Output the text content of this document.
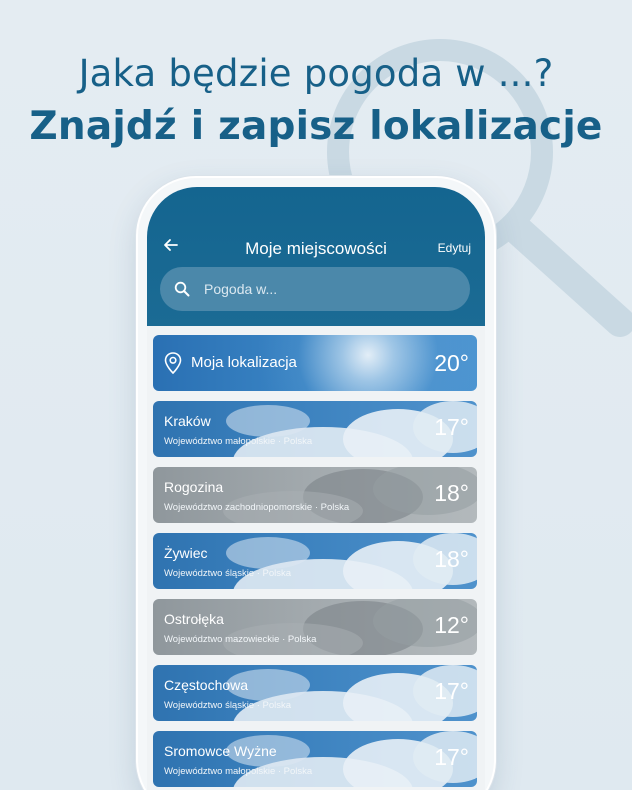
Jaka będzie pogoda w ...?
Znajdź i zapisz lokalizacje
Moje miejscowości	Edytuj
Pogoda w...
Moja lokalizacja	20°
Kraków
Województwo małopolskie · Polska
17°
Rogozina
Województwo zachodniopomorskie · Polska
18°
Żywiec
Województwo śląskie · Polska
18°
Ostrołęka
Województwo mazowieckie · Polska
12°
Częstochowa
Województwo śląskie · Polska
17°
Sromowce Wyżne
Województwo małopolskie · Polska
17°
